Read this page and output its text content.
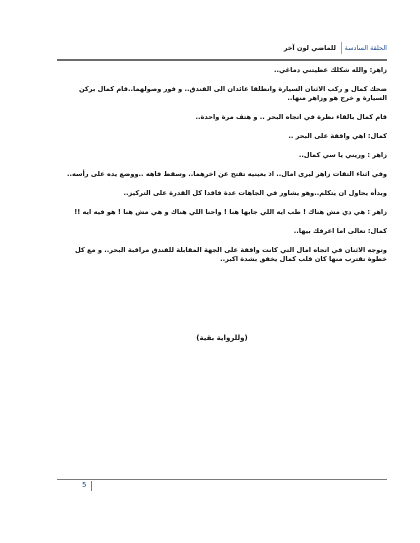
الحلقة السادسة
للماضي لون آخر

زاهر: والله شكلك عطيتني دماغي..

ضحك كمال و ركب الاثنان السيارة وانطلقا عائدان الى الفندق.. و فور وصولهما..قام كمال بركن السيارة و خرج هو وزاهر منها..

قام كمال بالقاء نظرة في اتجاه البحر .. و هتف مرة واحدة..

كمال: اهي واقفة على البحر ..

زاهر : وريني يا سي كمال..

وفي اثناء التفات زاهر ليرى امال.. اذ بعينيه تفتح عن اخرهما.. وسقط فاهه ..ووضع يده على رأسه..

وبدأه يحاول ان يتكلم..وهو يشاور في الجاهات عدة فاقدا كل القدرة على التركيز..

زاهر : هي دي مش هناك ! طب ايه اللي جابها هنا ! واحنا اللي هناك و هي مش هنا ! هو فيه ايه !!

كمال: تعالى اما اعرفك بيها..

وتوجه الاثنان في اتجاه امال التي كانت واقفة على الجهة المقابلة للفندق مراقبة البحر.. و مع كل خطوة تقترب منها كان قلب كمال يخفق بشدة اكبر..

(وللرواية بقية)
5
